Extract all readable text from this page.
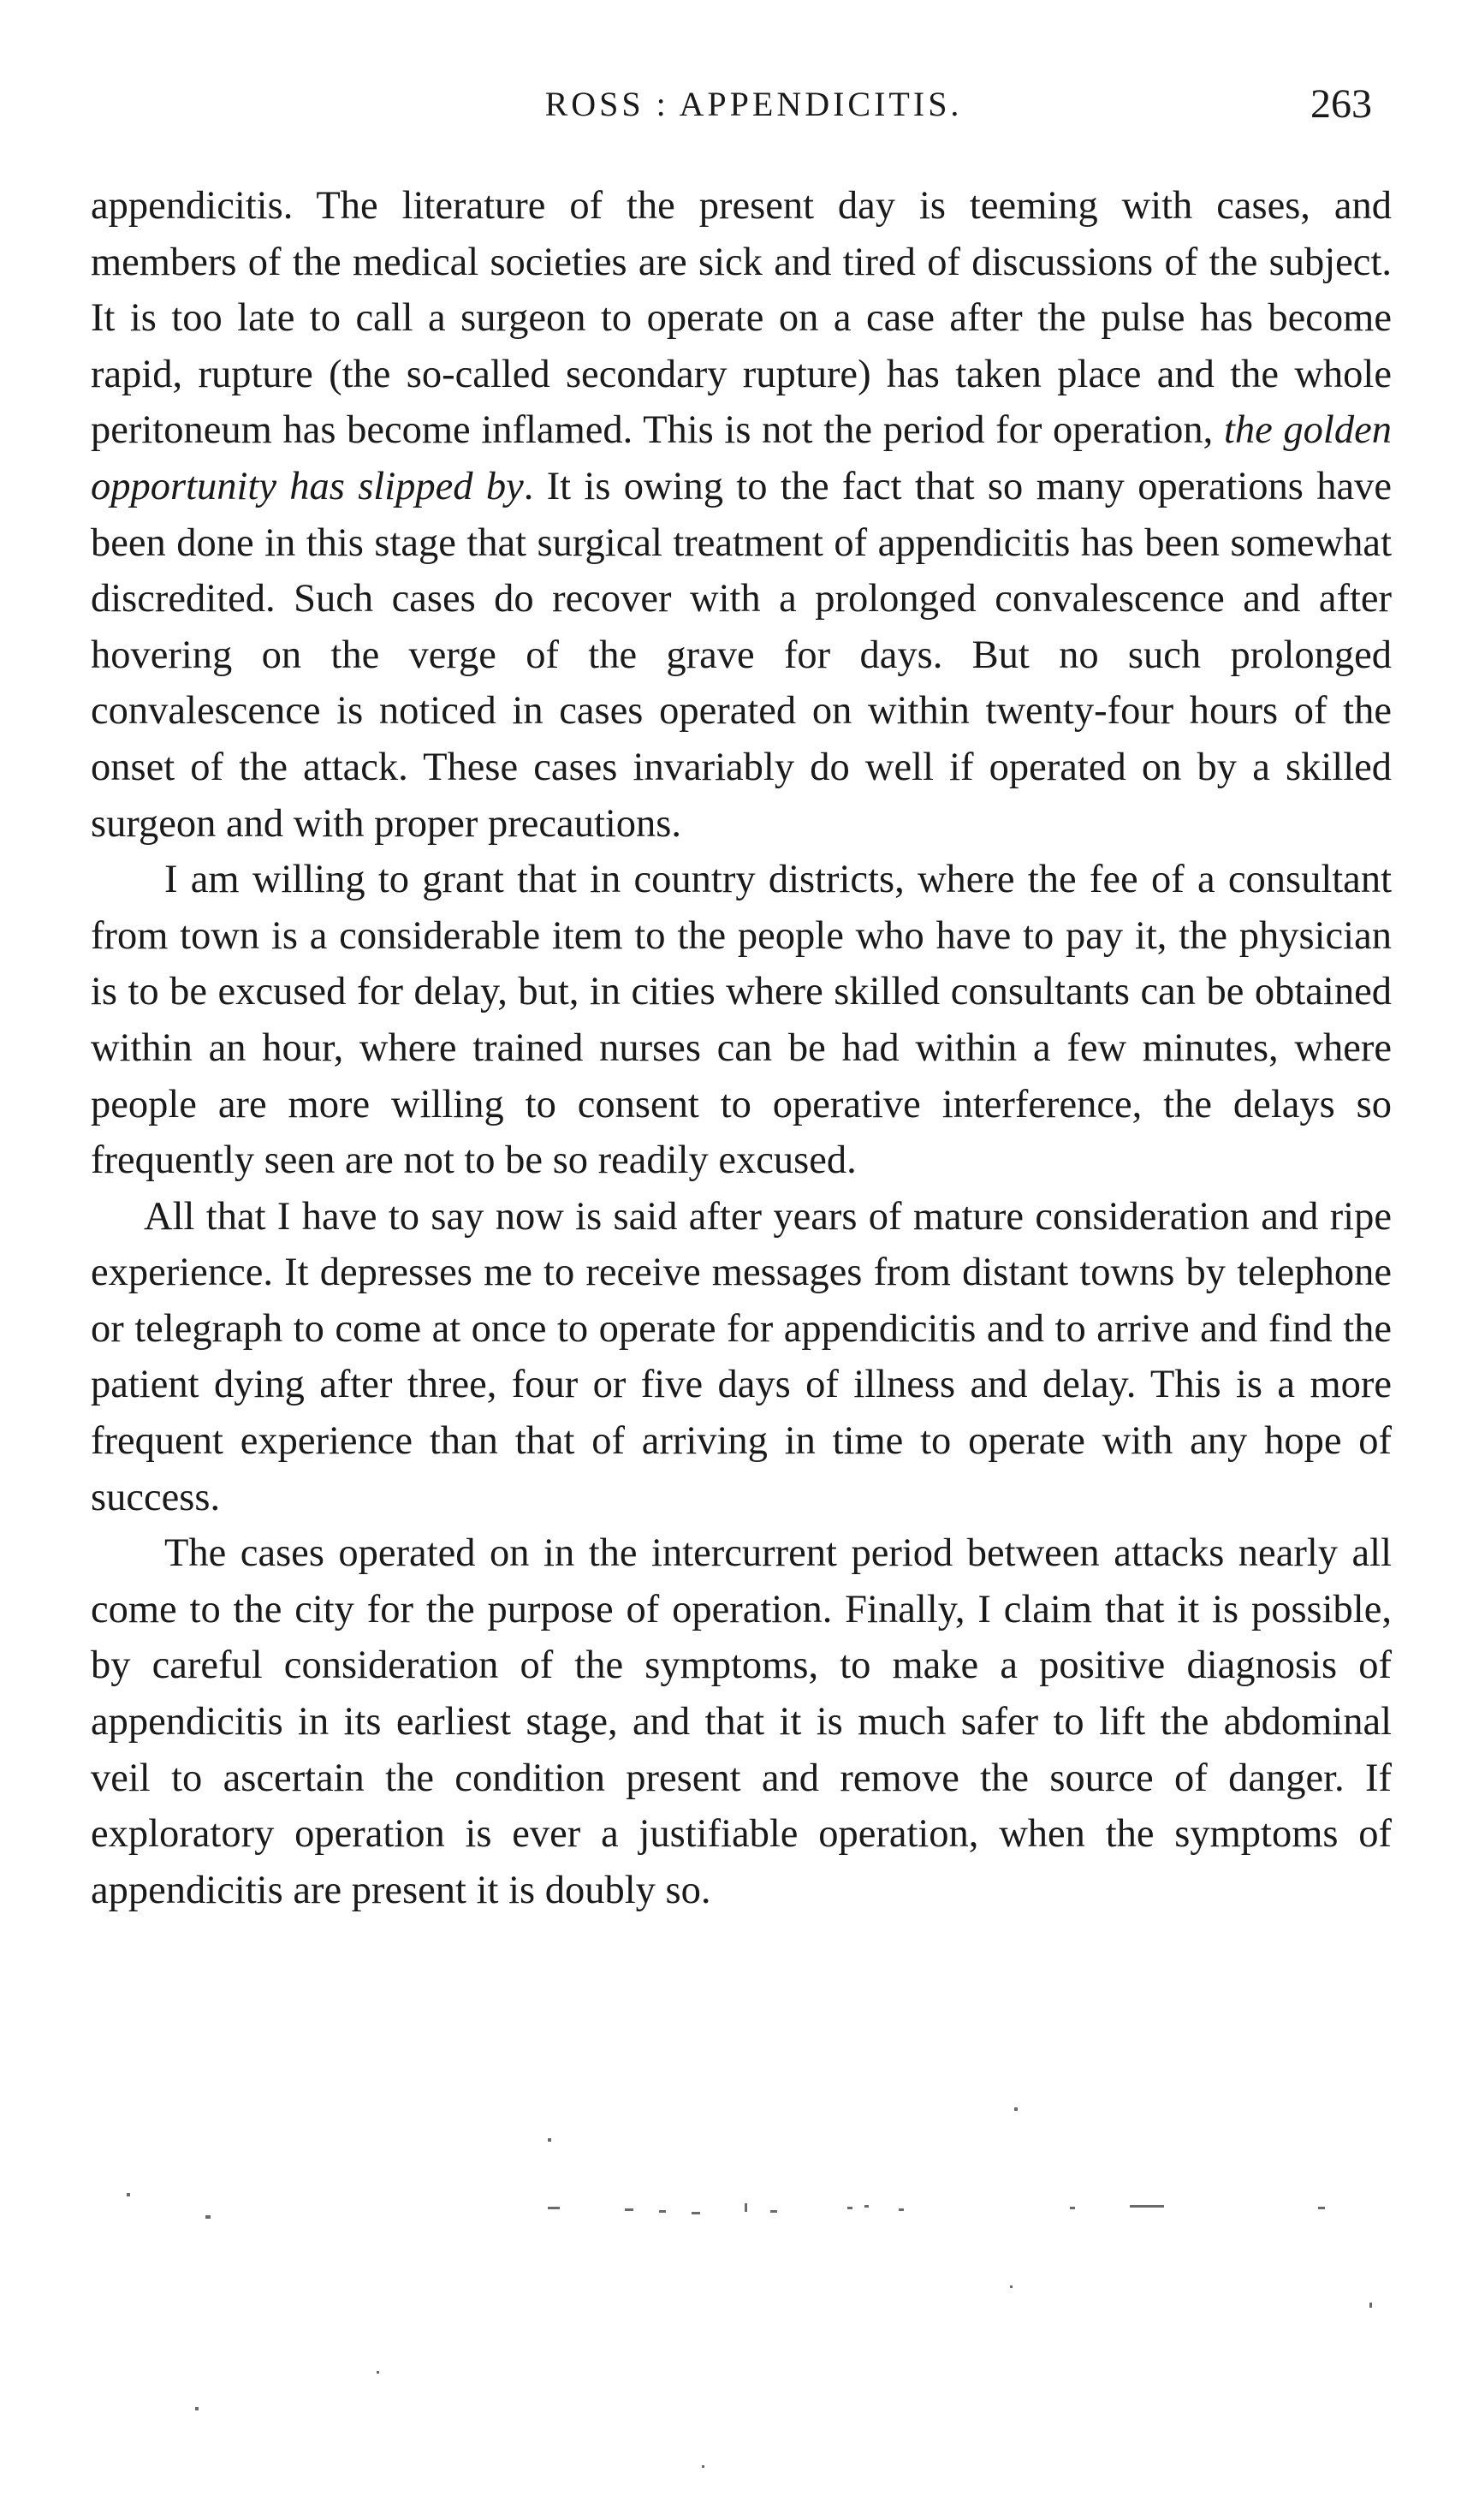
ROSS : APPENDICITIS.	263

appendicitis. The literature of the present day is teeming with cases, and members of the medical societies are sick and tired of discussions of the subject. It is too late to call a surgeon to operate on a case after the pulse has become rapid, rupture (the so-called secondary rupture) has taken place and the whole peritoneum has become inflamed. This is not the period for operation, the golden opportunity has slipped by. It is owing to the fact that so many operations have been done in this stage that surgical treatment of appendicitis has been somewhat discredited. Such cases do recover with a prolonged convalescence and after hovering on the verge of the grave for days. But no such prolonged convalescence is noticed in cases operated on within twenty-four hours of the onset of the attack. These cases invariably do well if operated on by a skilled surgeon and with proper precautions.

I am willing to grant that in country districts, where the fee of a consultant from town is a considerable item to the people who have to pay it, the physician is to be excused for delay, but, in cities where skilled consultants can be obtained within an hour, where trained nurses can be had within a few minutes, where people are more willing to consent to operative interference, the delays so frequently seen are not to be so readily excused.

All that I have to say now is said after years of mature consideration and ripe experience. It depresses me to receive messages from distant towns by telephone or telegraph to come at once to operate for appendicitis and to arrive and find the patient dying after three, four or five days of illness and delay. This is a more frequent experience than that of arriving in time to operate with any hope of success.

The cases operated on in the intercurrent period between attacks nearly all come to the city for the purpose of operation. Finally, I claim that it is possible, by careful consideration of the symptoms, to make a positive diagnosis of appendicitis in its earliest stage, and that it is much safer to lift the abdominal veil to ascertain the condition present and remove the source of danger. If exploratory operation is ever a justifiable operation, when the symptoms of appendicitis are present it is doubly so.
